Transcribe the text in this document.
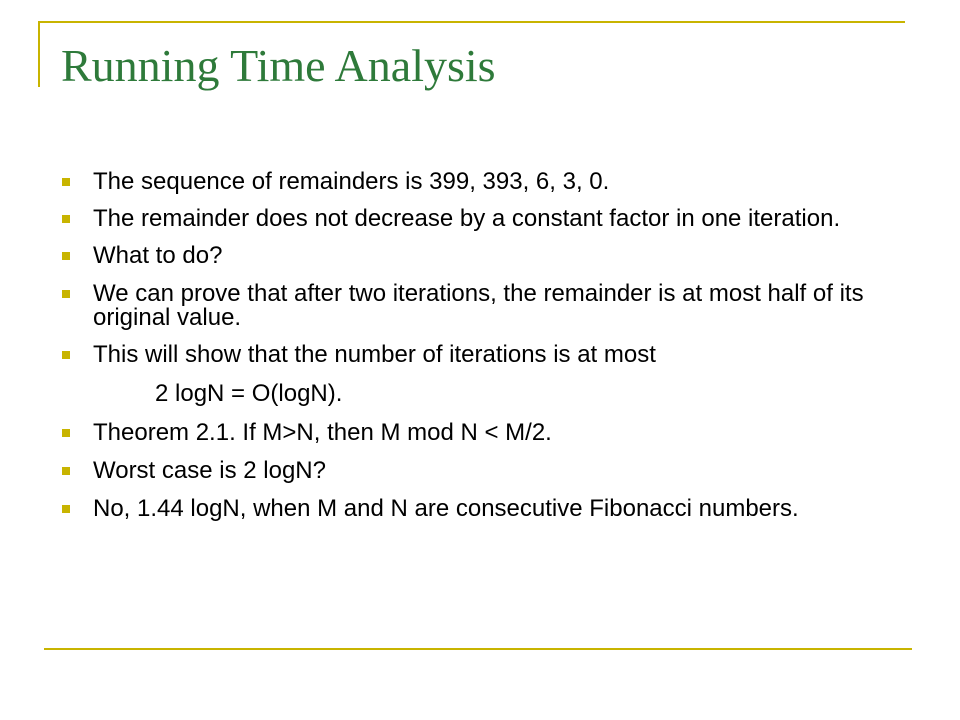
Running Time Analysis
The sequence of remainders is 399, 393, 6, 3, 0.
The remainder does not decrease by a constant factor in one iteration.
What to do?
We can prove that after two iterations, the remainder is at most half of its original value.
This will show that the number of iterations is at most
2 logN = O(logN).
Theorem 2.1. If M>N, then M mod N < M/2.
Worst case is 2 logN?
No, 1.44 logN, when M and N are consecutive Fibonacci numbers.
